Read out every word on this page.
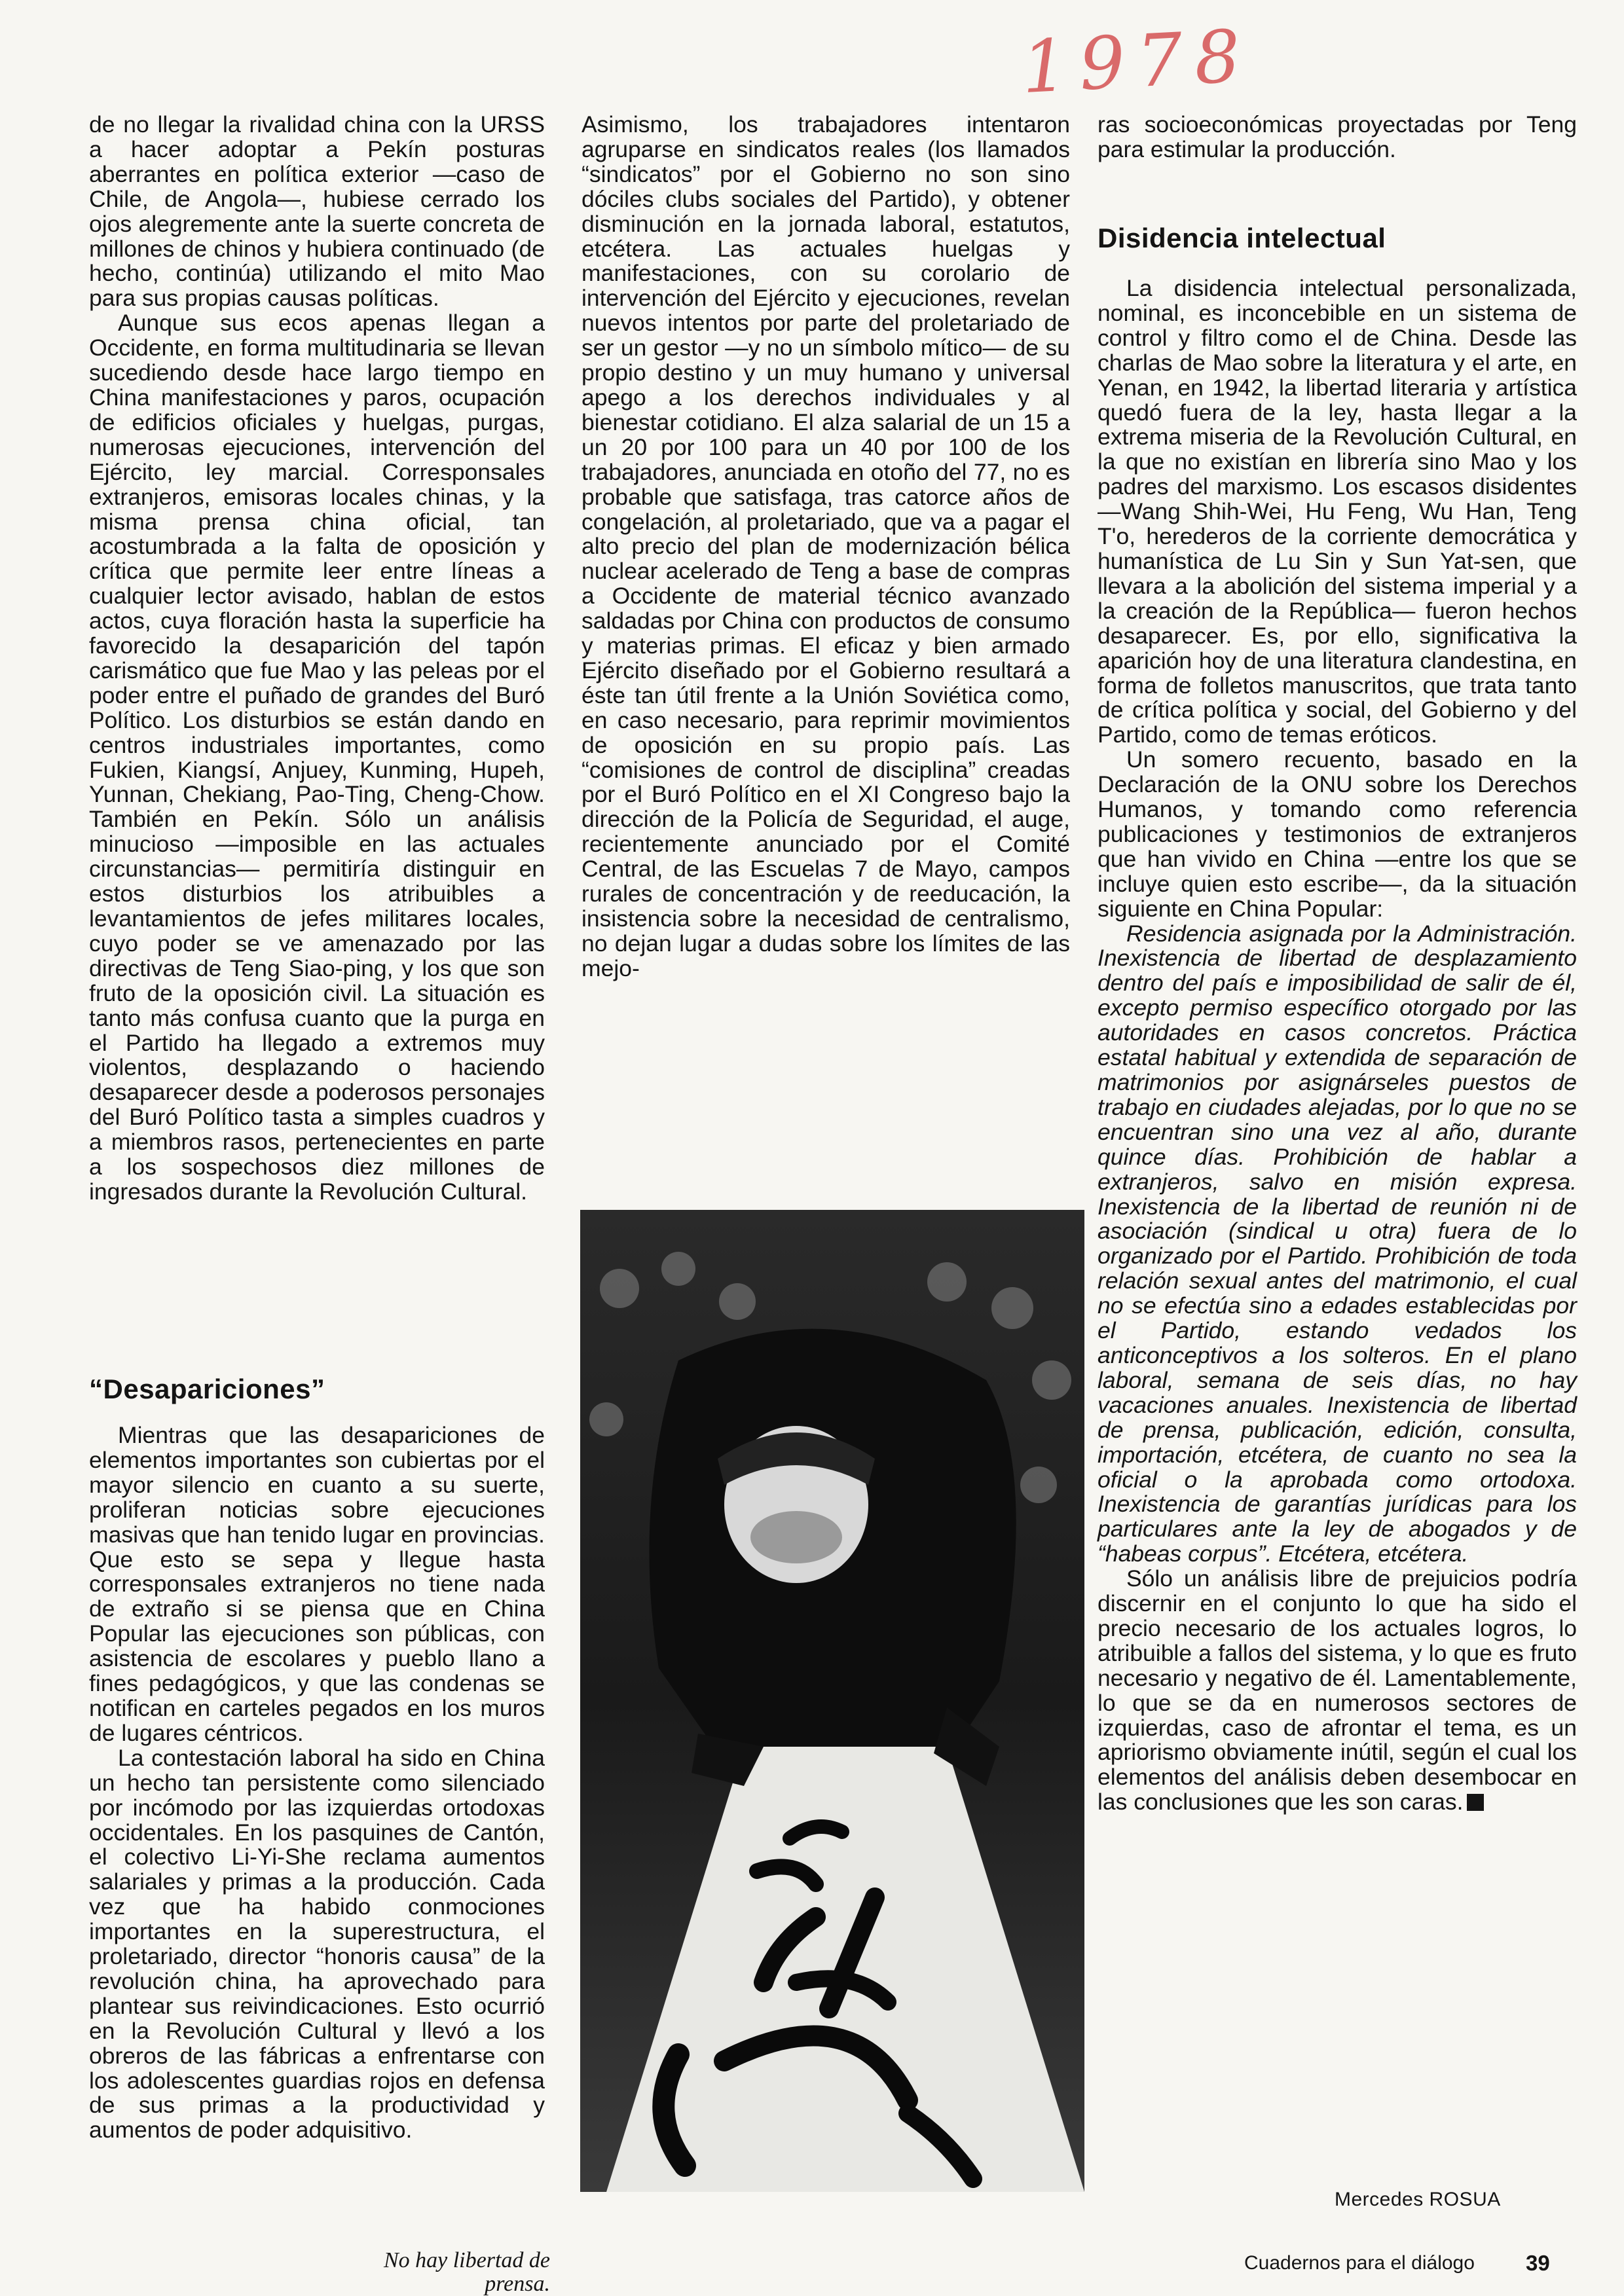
1978

de no llegar la rivalidad china con la URSS a hacer adoptar a Pekín posturas aberrantes en política exterior —caso de Chile, de Angola—, hubiese cerrado los ojos alegremente ante la suerte concreta de millones de chinos y hubiera continuado (de hecho, continúa) utilizando el mito Mao para sus propias causas políticas.

Aunque sus ecos apenas llegan a Occidente, en forma multitudinaria se llevan sucediendo desde hace largo tiempo en China manifestaciones y paros, ocupación de edificios oficiales y huelgas, purgas, numerosas ejecuciones, intervención del Ejército, ley marcial. Corresponsales extranjeros, emisoras locales chinas, y la misma prensa china oficial, tan acostumbrada a la falta de oposición y crítica que permite leer entre líneas a cualquier lector avisado, hablan de estos actos, cuya floración hasta la superficie ha favorecido la desaparición del tapón carismático que fue Mao y las peleas por el poder entre el puñado de grandes del Buró Político. Los disturbios se están dando en centros industriales importantes, como Fukien, Kiangsí, Anjuey, Kunming, Hupeh, Yunnan, Chekiang, Pao-Ting, Cheng-Chow. También en Pekín. Sólo un análisis minucioso —imposible en las actuales circunstancias— permitiría distinguir en estos disturbios los atribuibles a levantamientos de jefes militares locales, cuyo poder se ve amenazado por las directivas de Teng Siao-ping, y los que son fruto de la oposición civil. La situación es tanto más confusa cuanto que la purga en el Partido ha llegado a extremos muy violentos, desplazando o haciendo desaparecer desde a poderosos personajes del Buró Político tasta a simples cuadros y a miembros rasos, pertenecientes en parte a los sospechosos diez millones de ingresados durante la Revolución Cultural.

“Desapariciones”

Mientras que las desapariciones de elementos importantes son cubiertas por el mayor silencio en cuanto a su suerte, proliferan noticias sobre ejecuciones masivas que han tenido lugar en provincias. Que esto se sepa y llegue hasta corresponsales extranjeros no tiene nada de extraño si se piensa que en China Popular las ejecuciones son públicas, con asistencia de escolares y pueblo llano a fines pedagógicos, y que las condenas se notifican en carteles pegados en los muros de lugares céntricos.

La contestación laboral ha sido en China un hecho tan persistente como silenciado por incómodo por las izquierdas ortodoxas occidentales. En los pasquines de Cantón, el colectivo Li-Yi-She reclama aumentos salariales y primas a la producción. Cada vez que ha habido conmociones importantes en la superestructura, el proletariado, director “honoris causa” de la revolución china, ha aprovechado para plantear sus reivindicaciones. Esto ocurrió en la Revolución Cultural y llevó a los obreros de las fábricas a enfrentarse con los adolescentes guardias rojos en defensa de sus primas a la productividad y aumentos de poder adquisitivo.

Asimismo, los trabajadores intentaron agruparse en sindicatos reales (los llamados “sindicatos” por el Gobierno no son sino dóciles clubs sociales del Partido), y obtener disminución en la jornada laboral, estatutos, etcétera. Las actuales huelgas y manifestaciones, con su corolario de intervención del Ejército y ejecuciones, revelan nuevos intentos por parte del proletariado de ser un gestor —y no un símbolo mítico— de su propio destino y un muy humano y universal apego a los derechos individuales y al bienestar cotidiano. El alza salarial de un 15 a un 20 por 100 para un 40 por 100 de los trabajadores, anunciada en otoño del 77, no es probable que satisfaga, tras catorce años de congelación, al proletariado, que va a pagar el alto precio del plan de modernización bélica nuclear acelerado de Teng a base de compras a Occidente de material técnico avanzado saldadas por China con productos de consumo y materias primas. El eficaz y bien armado Ejército diseñado por el Gobierno resultará a éste tan útil frente a la Unión Soviética como, en caso necesario, para reprimir movimientos de oposición en su propio país. Las “comisiones de control de disciplina” creadas por el Buró Político en el XI Congreso bajo la dirección de la Policía de Seguridad, el auge, recientemente anunciado por el Comité Central, de las Escuelas 7 de Mayo, campos rurales de concentración y de reeducación, la insistencia sobre la necesidad de centralismo, no dejan lugar a dudas sobre los límites de las mejo-

No hay libertad de prensa.

ras socioeconómicas proyectadas por Teng para estimular la producción.

Disidencia intelectual

La disidencia intelectual personalizada, nominal, es inconcebible en un sistema de control y filtro como el de China. Desde las charlas de Mao sobre la literatura y el arte, en Yenan, en 1942, la libertad literaria y artística quedó fuera de la ley, hasta llegar a la extrema miseria de la Revolución Cultural, en la que no existían en librería sino Mao y los padres del marxismo. Los escasos disidentes —Wang Shih-Wei, Hu Feng, Wu Han, Teng T'o, herederos de la corriente democrática y humanística de Lu Sin y Sun Yat-sen, que llevara a la abolición del sistema imperial y a la creación de la República— fueron hechos desaparecer. Es, por ello, significativa la aparición hoy de una literatura clandestina, en forma de folletos manuscritos, que trata tanto de crítica política y social, del Gobierno y del Partido, como de temas eróticos.

Un somero recuento, basado en la Declaración de la ONU sobre los Derechos Humanos, y tomando como referencia publicaciones y testimonios de extranjeros que han vivido en China —entre los que se incluye quien esto escribe—, da la situación siguiente en China Popular:

Residencia asignada por la Administración. Inexistencia de libertad de desplazamiento dentro del país e imposibilidad de salir de él, excepto permiso específico otorgado por las autoridades en casos concretos. Práctica estatal habitual y extendida de separación de matrimonios por asignárseles puestos de trabajo en ciudades alejadas, por lo que no se encuentran sino una vez al año, durante quince días. Prohibición de hablar a extranjeros, salvo en misión expresa. Inexistencia de la libertad de reunión ni de asociación (sindical u otra) fuera de lo organizado por el Partido. Prohibición de toda relación sexual antes del matrimonio, el cual no se efectúa sino a edades establecidas por el Partido, estando vedados los anticonceptivos a los solteros. En el plano laboral, semana de seis días, no hay vacaciones anuales. Inexistencia de libertad de prensa, publicación, edición, consulta, importación, etcétera, de cuanto no sea la oficial o la aprobada como ortodoxa. Inexistencia de garantías jurídicas para los particulares ante la ley de abogados y de “habeas corpus”. Etcétera, etcétera.

Sólo un análisis libre de prejuicios podría discernir en el conjunto lo que ha sido el precio necesario de los actuales logros, lo atribuible a fallos del sistema, y lo que es fruto necesario y negativo de él. Lamentablemente, lo que se da en numerosos sectores de izquierdas, caso de afrontar el tema, es un apriorismo obviamente inútil, según el cual los elementos del análisis deben desembocar en las conclusiones que les son caras.

Mercedes ROSUA
Cuadernos para el diálogo 39
